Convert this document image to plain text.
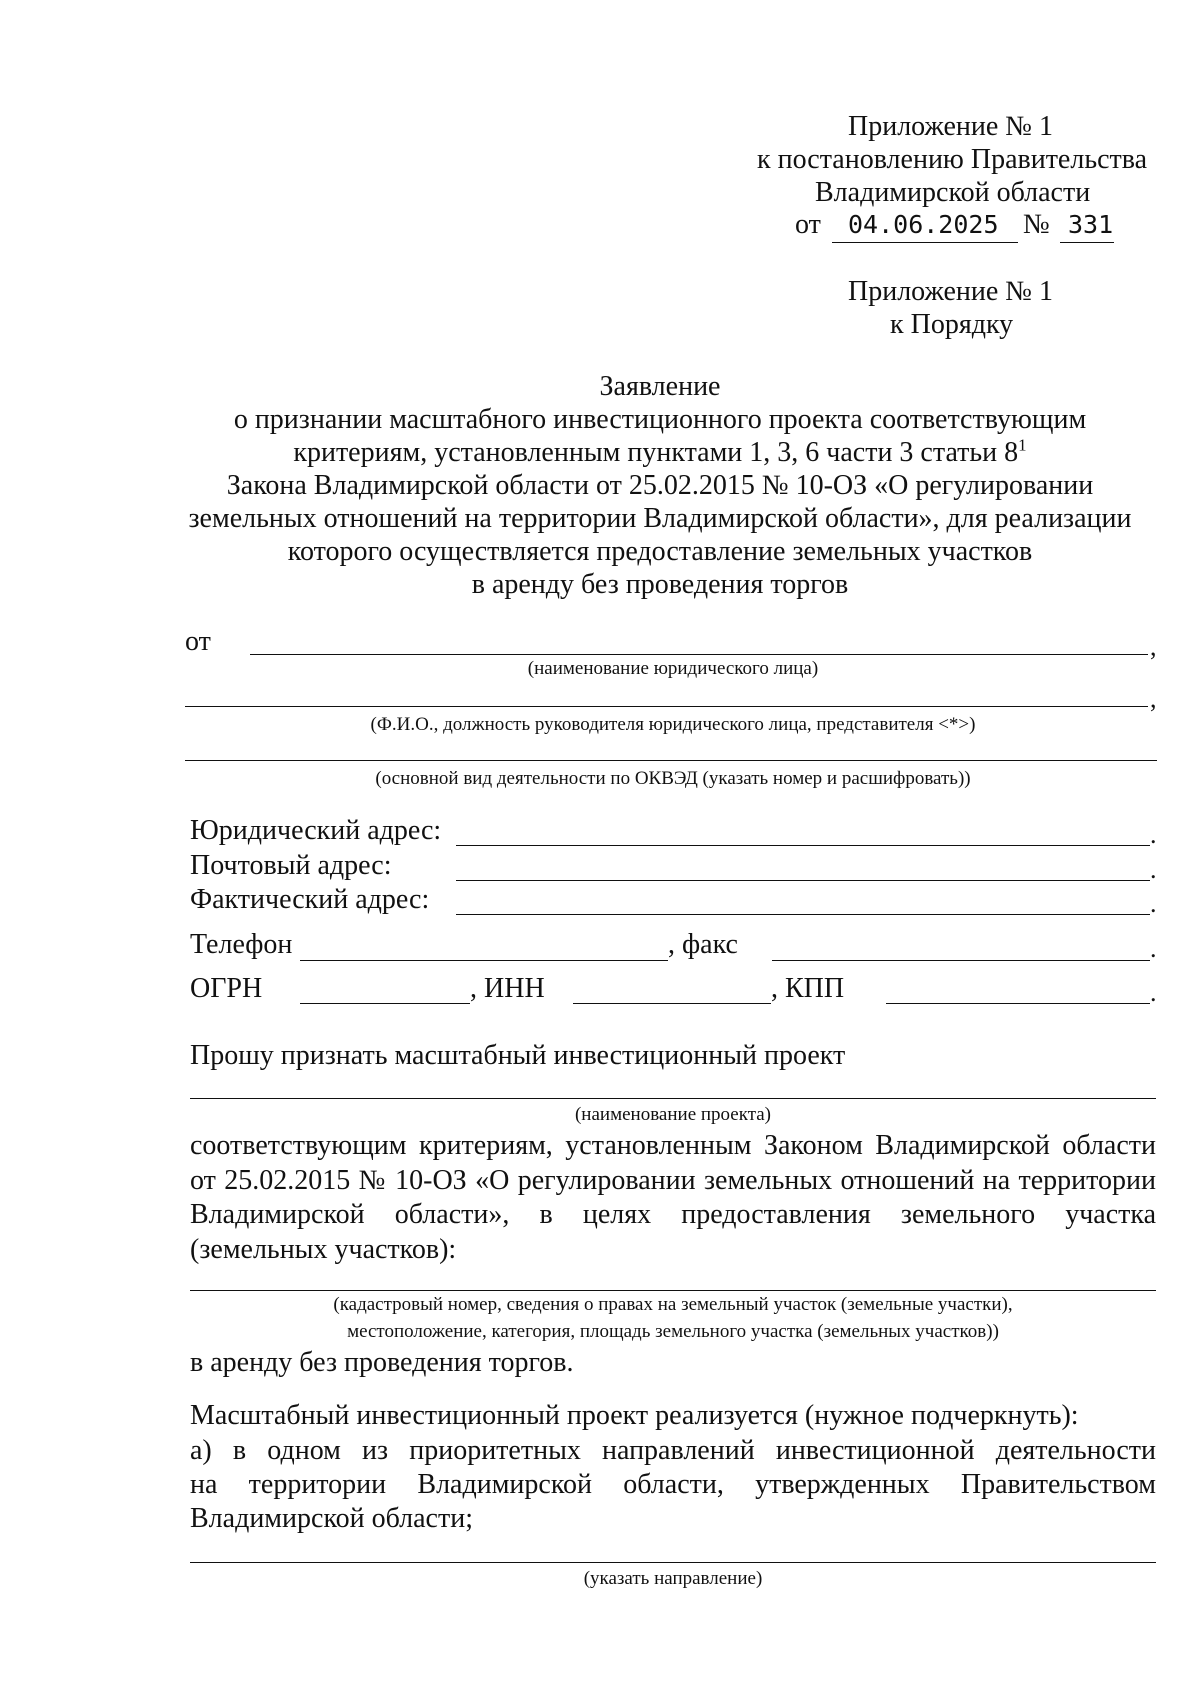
Приложение № 1
к постановлению Правительства
Владимирской области
от 04.06.2025 № 331
Приложение № 1
к Порядку
Заявление
о признании масштабного инвестиционного проекта соответствующим
критериям, установленным пунктами 1, 3, 6 части 3 статьи $8^1$
Закона Владимирской области от 25.02.2015 № 10-ОЗ «О регулировании
земельных отношений на территории Владимирской области», для реализации
которого осуществляется предоставление земельных участков
в аренду без проведения торгов
от	,
(наименование юридического лица)
,
(Ф.И.О., должность руководителя юридического лица, представителя <*>)
(основной вид деятельности по ОКВЭД (указать номер и расшифровать))
Юридический адрес:	.
Почтовый адрес:	.
Фактический адрес:	.
Телефон	, факс	.
ОГРН	, ИНН	, КПП	.
Прошу признать масштабный инвестиционный проект
(наименование проекта)
соответствующим критериям, установленным Законом Владимирской области
от 25.02.2015 № 10-ОЗ «О регулировании земельных отношений на территории
Владимирской области», в целях предоставления земельного участка
(земельных участков):
(кадастровый номер, сведения о правах на земельный участок (земельные участки),
местоположение, категория, площадь земельного участка (земельных участков))
в аренду без проведения торгов.
Масштабный инвестиционный проект реализуется (нужное подчеркнуть):
а) в одном из приоритетных направлений инвестиционной деятельности
на территории Владимирской области, утвержденных Правительством
Владимирской области;
(указать направление)
